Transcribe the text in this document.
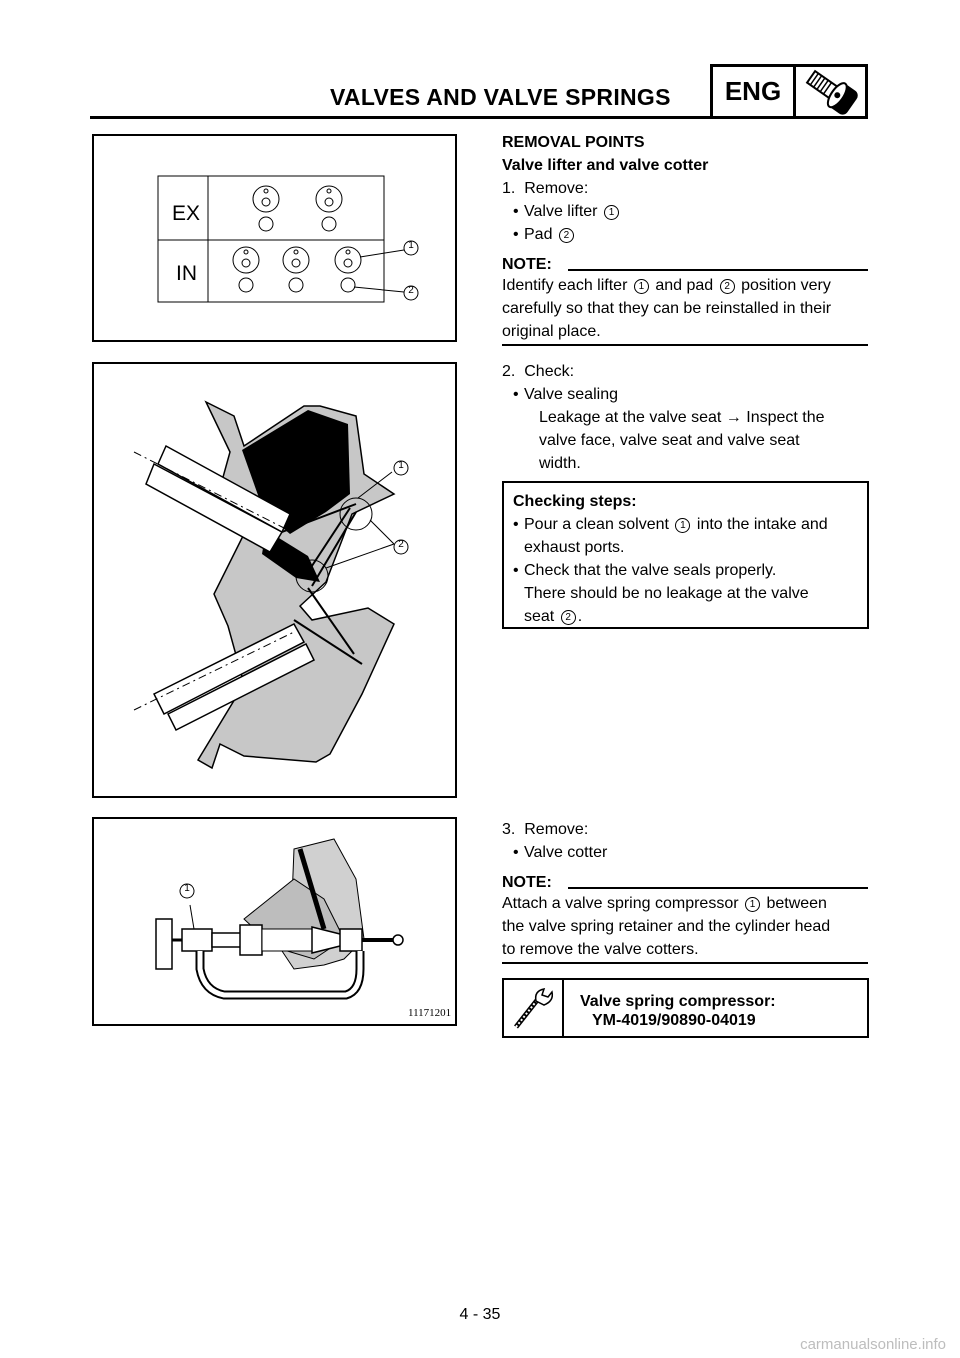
VALVES AND VALVE SPRINGS	ENG
EX
IN
1
2
1
2
1
11171201
REMOVAL POINTS
Valve lifter and valve cotter
1. Remove:
• Valve lifter 1
• Pad 2
NOTE:
Identify each lifter 1 and pad 2 position very
carefully so that they can be reinstalled in their
original place.
2. Check:
• Valve sealing
Leakage at the valve seat → Inspect the
valve face, valve seat and valve seat
width.
Checking steps:
• Pour a clean solvent 1 into the intake and
exhaust ports.
• Check that the valve seals properly.
There should be no leakage at the valve
seat 2 .
3. Remove:
• Valve cotter
NOTE:
Attach a valve spring compressor 1 between
the valve spring retainer and the cylinder head
to remove the valve cotters.
Valve spring compressor:
YM-4019/90890-04019
4 - 35
carmanualsonline.info
